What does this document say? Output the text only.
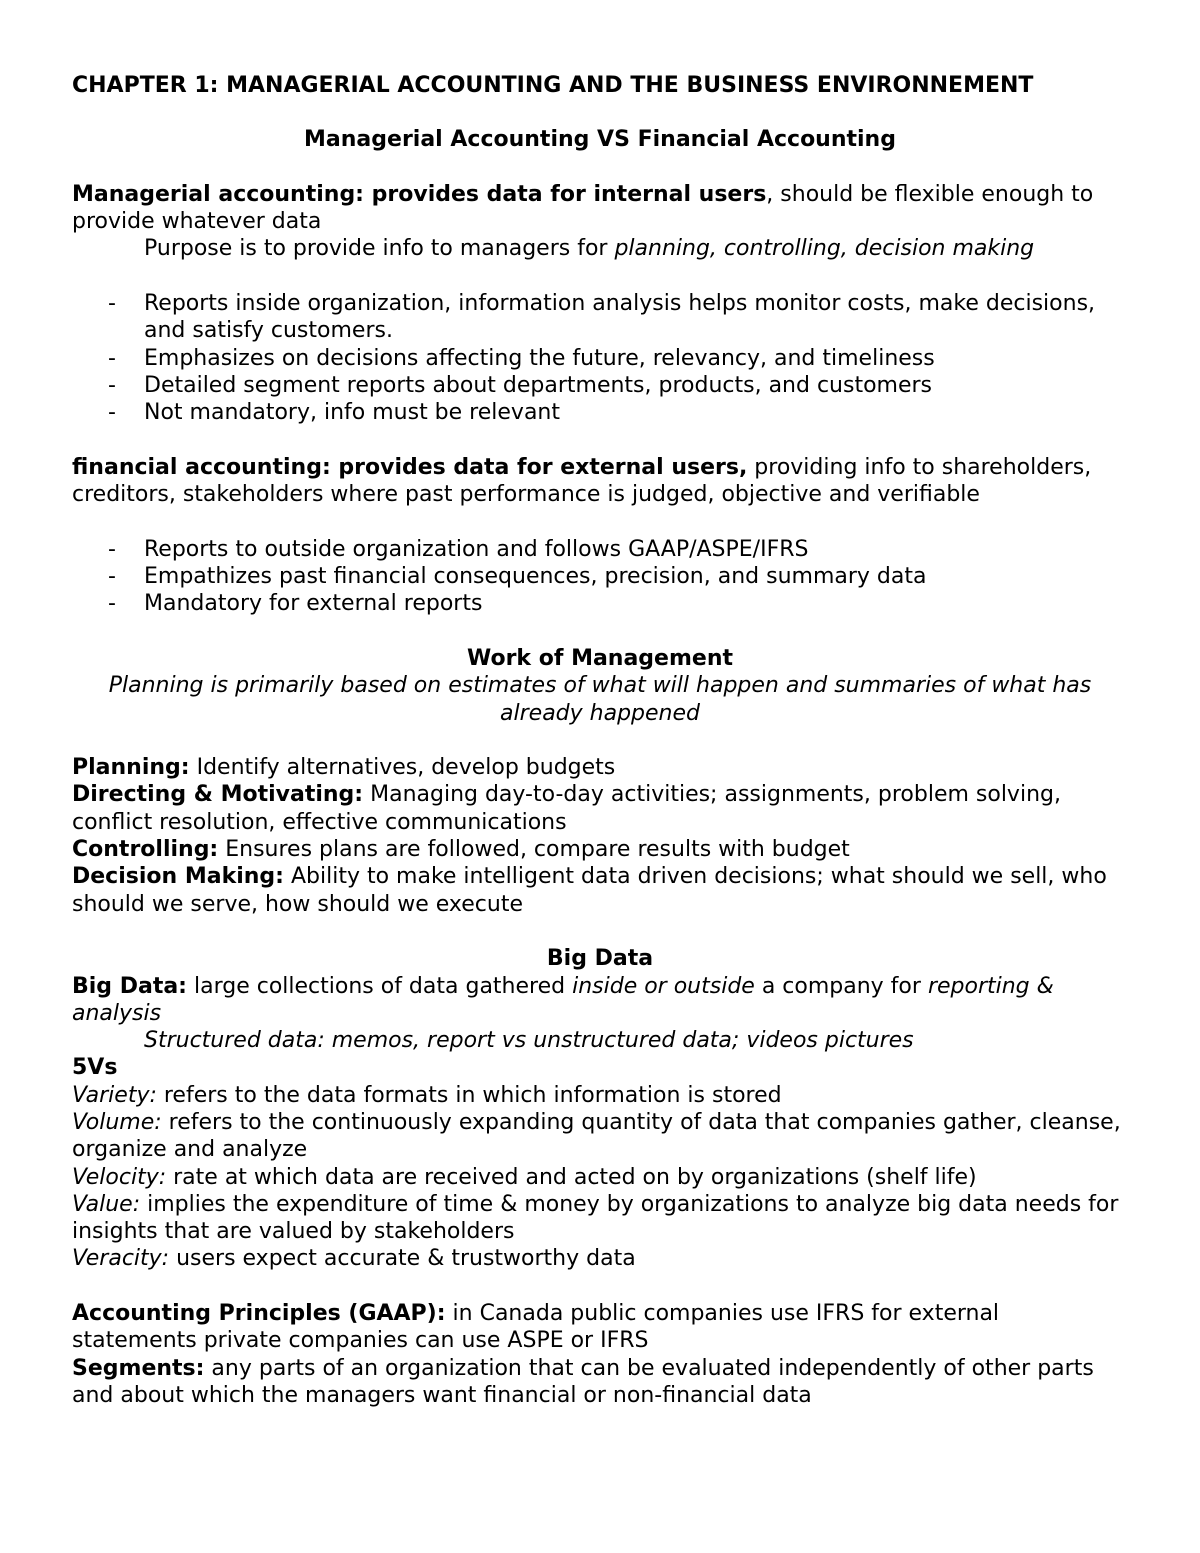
CHAPTER 1: MANAGERIAL ACCOUNTING AND THE BUSINESS ENVIRONNEMENT

Managerial Accounting VS Financial Accounting

Managerial accounting: provides data for internal users, should be flexible enough to provide whatever data

Purpose is to provide info to managers for planning, controlling, decision making

- Reports inside organization, information analysis helps monitor costs, make decisions, and satisfy customers.
- Emphasizes on decisions affecting the future, relevancy, and timeliness
- Detailed segment reports about departments, products, and customers
- Not mandatory, info must be relevant

financial accounting: provides data for external users, providing info to shareholders, creditors, stakeholders where past performance is judged, objective and verifiable

- Reports to outside organization and follows GAAP/ASPE/IFRS
- Empathizes past financial consequences, precision, and summary data
- Mandatory for external reports

Work of Management

Planning is primarily based on estimates of what will happen and summaries of what has already happened

Planning: Identify alternatives, develop budgets

Directing & Motivating: Managing day-to-day activities; assignments, problem solving, conflict resolution, effective communications

Controlling: Ensures plans are followed, compare results with budget

Decision Making: Ability to make intelligent data driven decisions; what should we sell, who should we serve, how should we execute

Big Data

Big Data: large collections of data gathered inside or outside a company for reporting & analysis

Structured data: memos, report vs unstructured data; videos pictures

5Vs

Variety: refers to the data formats in which information is stored

Volume: refers to the continuously expanding quantity of data that companies gather, cleanse, organize and analyze

Velocity: rate at which data are received and acted on by organizations (shelf life)

Value: implies the expenditure of time & money by organizations to analyze big data needs for insights that are valued by stakeholders

Veracity: users expect accurate & trustworthy data

Accounting Principles (GAAP): in Canada public companies use IFRS for external statements private companies can use ASPE or IFRS

Segments: any parts of an organization that can be evaluated independently of other parts and about which the managers want financial or non-financial data
